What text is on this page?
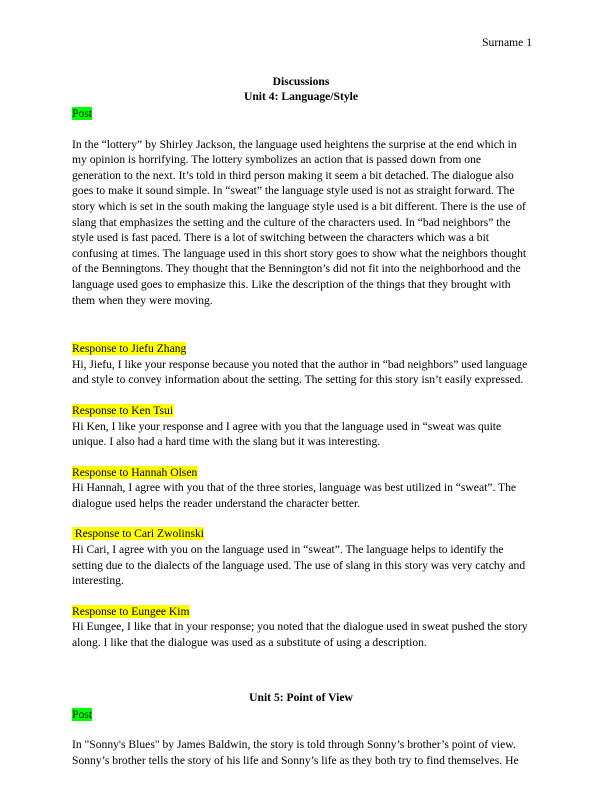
Surname 1
Discussions
Unit 4: Language/Style
Post

In the “lottery” by Shirley Jackson, the language used heightens the surprise at the end which in my opinion is horrifying. The lottery symbolizes an action that is passed down from one generation to the next. It’s told in third person making it seem a bit detached. The dialogue also goes to make it sound simple. In “sweat” the language style used is not as straight forward. The story which is set in the south making the language style used is a bit different. There is the use of slang that emphasizes the setting and the culture of the characters used. In “bad neighbors” the style used is fast paced. There is a lot of switching between the characters which was a bit confusing at times. The language used in this short story goes to show what the neighbors thought of the Benningtons. They thought that the Bennington’s did not fit into the neighborhood and the language used goes to emphasize this. Like the description of the things that they brought with them when they were moving.

Response to Jiefu Zhang

Hi, Jiefu, I like your response because you noted that the author in “bad neighbors” used language and style to convey information about the setting. The setting for this story isn’t easily expressed.

Response to Ken Tsui

Hi Ken, I like your response and I agree with you that the language used in “sweat was quite unique. I also had a hard time with the slang but it was interesting.

Response to Hannah Olsen

Hi Hannah, I agree with you that of the three stories, language was best utilized in “sweat”. The dialogue used helps the reader understand the character better.

Response to Cari Zwolinski

Hi Cari, I agree with you on the language used in “sweat”. The language helps to identify the setting due to the dialects of the language used. The use of slang in this story was very catchy and interesting.

Response to Eungee Kim

Hi Eungee, I like that in your response; you noted that the dialogue used in sweat pushed the story along. I like that the dialogue was used as a substitute of using a description.

Unit 5: Point of View
Post

In "Sonny's Blues" by James Baldwin, the story is told through Sonny’s brother’s point of view. Sonny’s brother tells the story of his life and Sonny’s life as they both try to find themselves. He
